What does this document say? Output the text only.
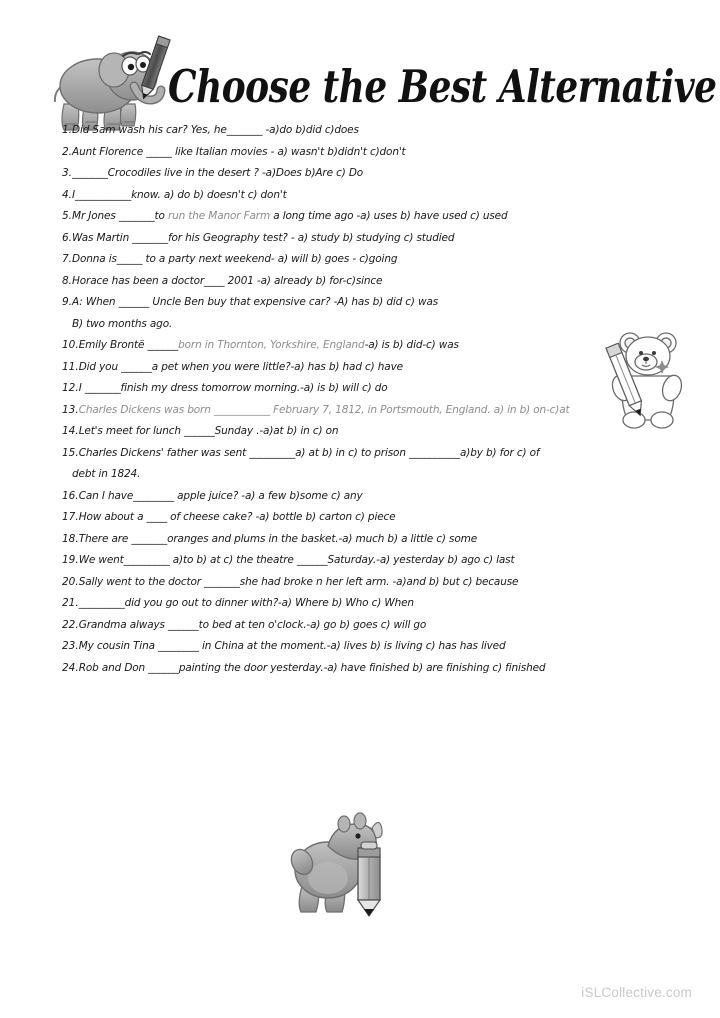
Choose the Best Alternative
1. Did Sam wash his car? Yes, he_______ -a)do b)did c)does
2. Aunt Florence _____ like Italian movies - a) wasn't b)didn't c)don't
3. _______Crocodiles live in the desert ? -a)Does b)Are c) Do
4. I___________know. a) do b) doesn't c) don't
5. Mr Jones _______to run the Manor Farm a long time ago -a) uses b) have used c) used
6. Was Martin _______for his Geography test? - a) study b) studying c) studied
7. Donna is_____ to a party next weekend- a) will b) goes - c)going
8. Horace has been a doctor____ 2001 -a) already b) for-c)since
9. A: When ______ Uncle Ben buy that expensive car? -A) has b) did c) was
B) two months ago.
10. Emily Brontë ______born in Thornton, Yorkshire, England-a) is b) did-c) was
11. Did you ______a pet when you were little?-a) has b) had c) have
12. I _______finish my dress tomorrow morning.-a) is b) will c) do
13. Charles Dickens was born ___________ February 7, 1812, in Portsmouth, England. a) in b) on-c)at
14. Let's meet for lunch ______Sunday .-a)at b) in c) on
15. Charles Dickens' father was sent _________a) at b) in c) to prison __________a)by b) for c) of
debt in 1824.
16. Can I have________ apple juice? -a) a few b)some c) any
17. How about a ____ of cheese cake? -a) bottle b) carton c) piece
18. There are _______oranges and plums in the basket.-a) much b) a little c) some
19. We went_________ a)to b) at c) the theatre ______Saturday.-a) yesterday b) ago c) last
20. Sally went to the doctor _______she had broke n her left arm. -a)and b) but c) because
21. _________did you go out to dinner with?-a) Where b) Who c) When
22. Grandma always ______to bed at ten o'clock.-a) go b) goes c) will go
23. My cousin Tina ________ in China at the moment.-a) lives b) is living c) has has lived
24. Rob and Don ______painting the door yesterday.-a) have finished b) are finishing c) finished
iSLCollective.com
